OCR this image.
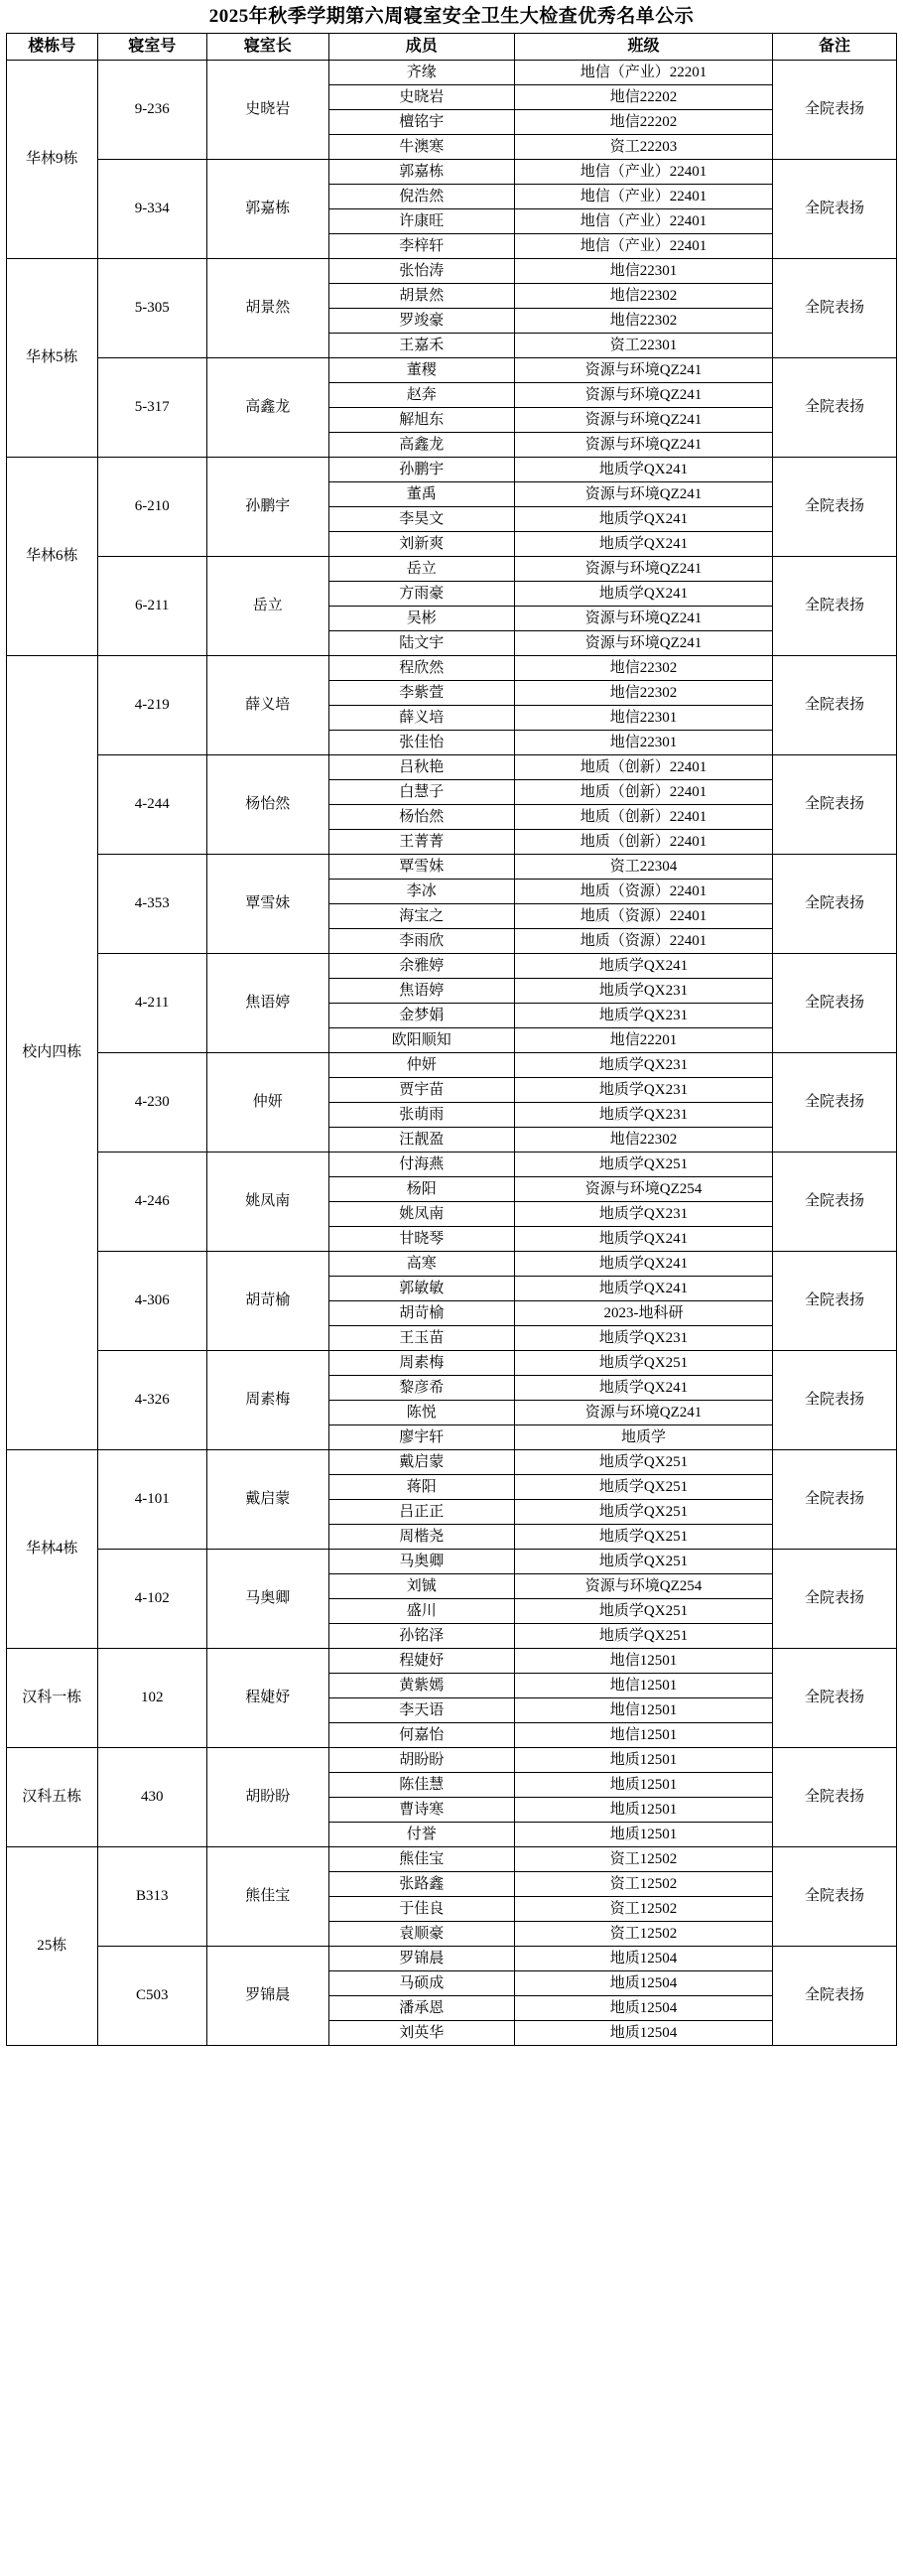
2025年秋季学期第六周寝室安全卫生大检查优秀名单公示
楼栋号	寝室号	寝室长	成员	班级	备注
华林9栋	9-236	史晓岩	齐缘	地信（产业）22201	全院表扬
			史晓岩	地信22202	
			檀铭宇	地信22202	
			牛澳寒	资工22203	
	9-334	郭嘉栋	郭嘉栋	地信（产业）22401	全院表扬
			倪浩然	地信（产业）22401	
			许康旺	地信（产业）22401	
			李梓轩	地信（产业）22401	
华林5栋	5-305	胡景然	张怡涛	地信22301	全院表扬
			胡景然	地信22302	
			罗竣豪	地信22302	
			王嘉禾	资工22301	
	5-317	高鑫龙	董稷	资源与环境QZ241	全院表扬
			赵奔	资源与环境QZ241	
			解旭东	资源与环境QZ241	
			高鑫龙	资源与环境QZ241	
华林6栋	6-210	孙鹏宇	孙鹏宇	地质学QX241	全院表扬
			董禹	资源与环境QZ241	
			李昊文	地质学QX241	
			刘新爽	地质学QX241	
	6-211	岳立	岳立	资源与环境QZ241	全院表扬
			方雨豪	地质学QX241	
			吴彬	资源与环境QZ241	
			陆文宇	资源与环境QZ241	
校内四栋	4-219	薛义培	程欣然	地信22302	全院表扬
			李紫萱	地信22302	
			薛义培	地信22301	
			张佳怡	地信22301	
	4-244	杨怡然	吕秋艳	地质（创新）22401	全院表扬
			白慧子	地质（创新）22401	
			杨怡然	地质（创新）22401	
			王菁菁	地质（创新）22401	
	4-353	覃雪妹	覃雪妹	资工22304	全院表扬
			李冰	地质（资源）22401	
			海宝之	地质（资源）22401	
			李雨欣	地质（资源）22401	
	4-211	焦语婷	余雅婷	地质学QX241	全院表扬
			焦语婷	地质学QX231	
			金梦娟	地质学QX231	
			欧阳顺知	地信22201	
	4-230	仲妍	仲妍	地质学QX231	全院表扬
			贾宇苗	地质学QX231	
			张萌雨	地质学QX231	
			汪靓盈	地信22302	
	4-246	姚凤南	付海燕	地质学QX251	全院表扬
			杨阳	资源与环境QZ254	
			姚凤南	地质学QX231	
			甘晓琴	地质学QX241	
	4-306	胡苛榆	高寒	地质学QX241	全院表扬
			郭敏敏	地质学QX241	
			胡苛榆	2023-地科研	
			王玉苗	地质学QX231	
	4-326	周素梅	周素梅	地质学QX251	全院表扬
			黎彦希	地质学QX241	
			陈悦	资源与环境QZ241	
			廖宇轩	地质学	
华林4栋	4-101	戴启蒙	戴启蒙	地质学QX251	全院表扬
			蒋阳	地质学QX251	
			吕正正	地质学QX251	
			周楷尧	地质学QX251	
	4-102	马奥卿	马奥卿	地质学QX251	全院表扬
			刘铖	资源与环境QZ254	
			盛川	地质学QX251	
			孙铭泽	地质学QX251	
汉科一栋	102	程婕妤	程婕妤	地信12501	全院表扬
			黄紫嫣	地信12501	
			李天语	地信12501	
			何嘉怡	地信12501	
汉科五栋	430	胡盼盼	胡盼盼	地质12501	全院表扬
			陈佳慧	地质12501	
			曹诗寒	地质12501	
			付誉	地质12501	
25栋	B313	熊佳宝	熊佳宝	资工12502	全院表扬
			张路鑫	资工12502	
			于佳良	资工12502	
			袁顺豪	资工12502	
	C503	罗锦晨	罗锦晨	地质12504	全院表扬
			马硕成	地质12504	
			潘承恩	地质12504	
			刘英华	地质12504	
